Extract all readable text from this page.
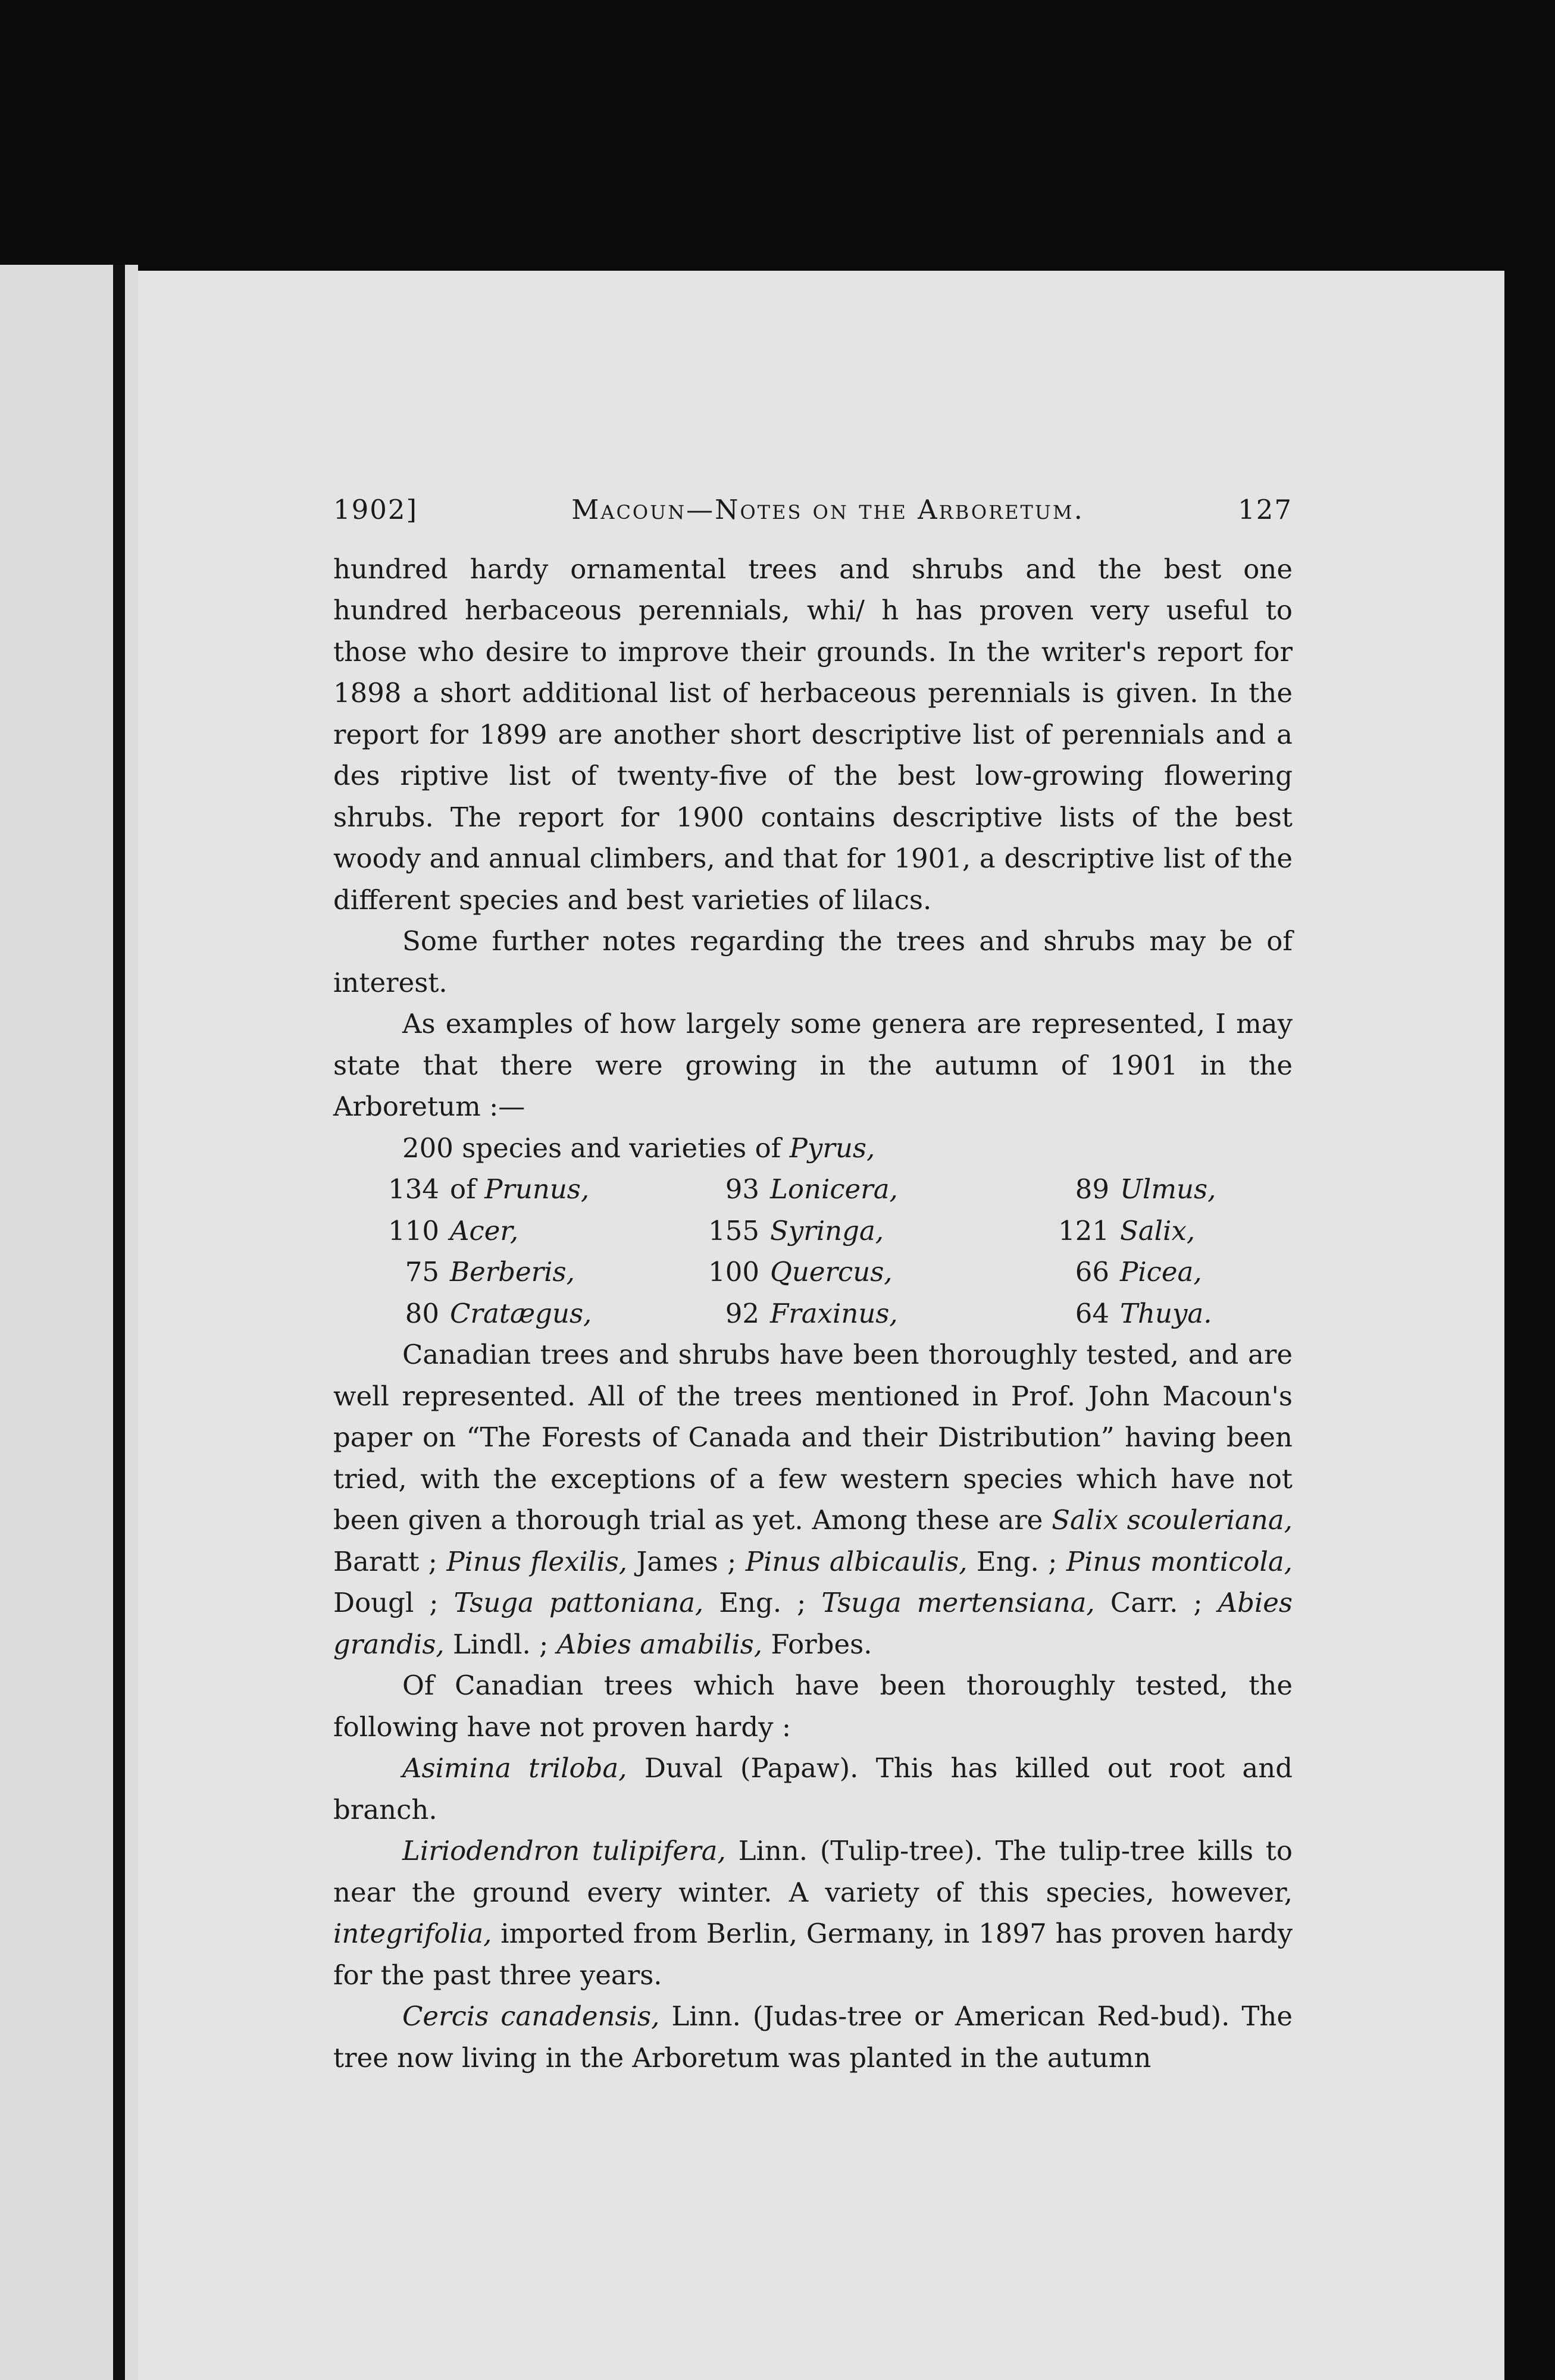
1902]	Macoun—Notes on the Arboretum.	127

hundred hardy ornamental trees and shrubs and the best one hundred herbaceous perennials, whi/ h has proven very useful to those who desire to improve their grounds. In the writer's report for 1898 a short additional list of herbaceous perennials is given. In the report for 1899 are another short descriptive list of perennials and a des riptive list of twenty-five of the best low-growing flowering shrubs. The report for 1900 contains descriptive lists of the best woody and annual climbers, and that for 1901, a descriptive list of the different species and best varieties of lilacs.

Some further notes regarding the trees and shrubs may be of interest.

As examples of how largely some genera are represented, I may state that there were growing in the autumn of 1901 in the Arboretum :—

200 species and varieties of Pyrus,
134	of Prunus,	93	Lonicera,	89	Ulmus,
110	Acer,	155	Syringa,	121	Salix,
75	Berberis,	100	Quercus,	66	Picea,
80	Cratægus,	92	Fraxinus,	64	Thuya.

Canadian trees and shrubs have been thoroughly tested, and are well represented. All of the trees mentioned in Prof. John Macoun's paper on “The Forests of Canada and their Distribution” having been tried, with the exceptions of a few western species which have not been given a thorough trial as yet. Among these are Salix scouleriana, Baratt ; Pinus flexilis, James ; Pinus albicaulis, Eng. ; Pinus monticola, Dougl ; Tsuga pattoniana, Eng. ; Tsuga mertensiana, Carr. ; Abies grandis, Lindl. ; Abies amabilis, Forbes.

Of Canadian trees which have been thoroughly tested, the following have not proven hardy :

Asimina triloba, Duval (Papaw). This has killed out root and branch.

Liriodendron tulipifera, Linn. (Tulip-tree). The tulip-tree kills to near the ground every winter. A variety of this species, however, integrifolia, imported from Berlin, Germany, in 1897 has proven hardy for the past three years.

Cercis canadensis, Linn. (Judas-tree or American Red-bud). The tree now living in the Arboretum was planted in the autumn
